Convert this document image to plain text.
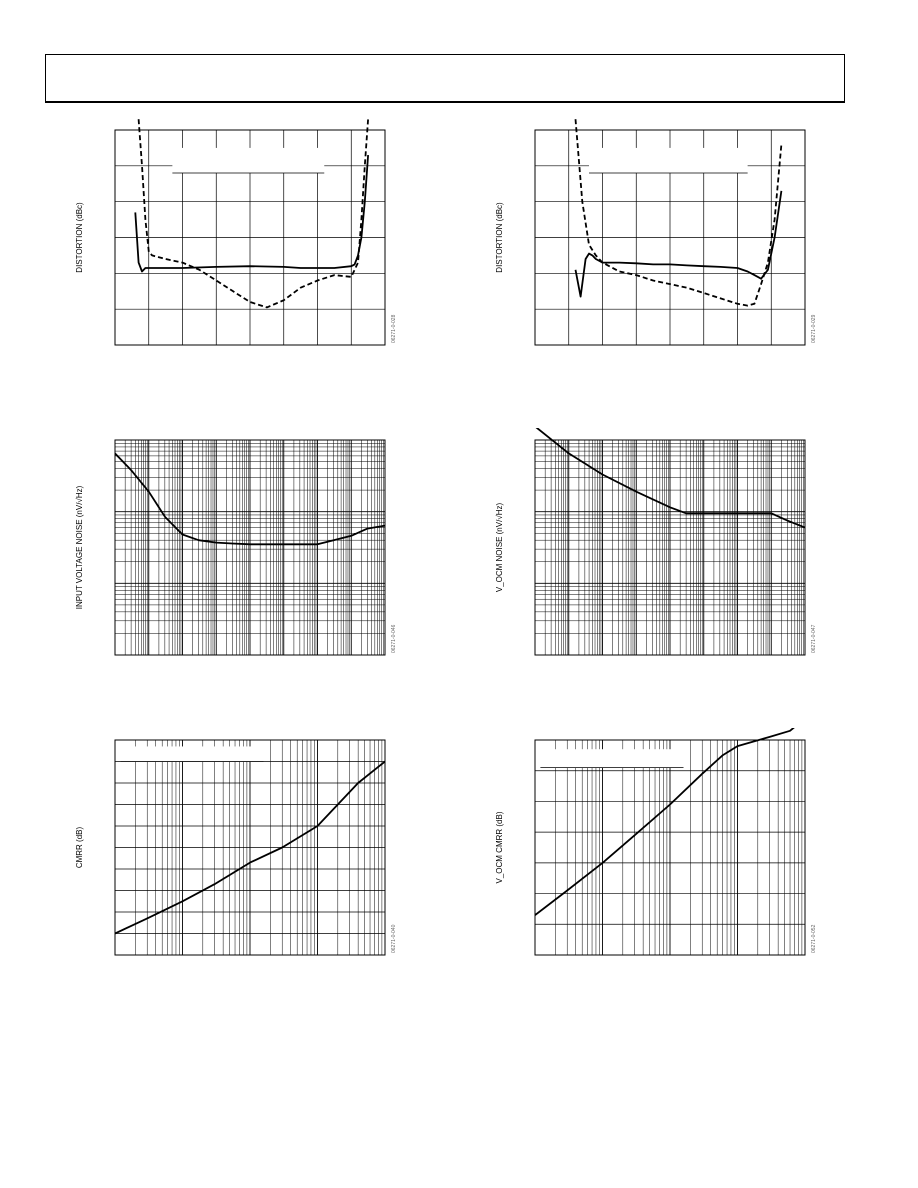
DISTORTION (dBc)
06271-0-028
DISTORTION (dBc)
06271-0-029
INPUT VOLTAGE NOISE (nV/√Hz)
06271-0-046
V_OCM NOISE (nV/√Hz)
06271-0-047
CMRR (dB)
06271-0-040
V_OCM CMRR (dB)
06271-0-052
